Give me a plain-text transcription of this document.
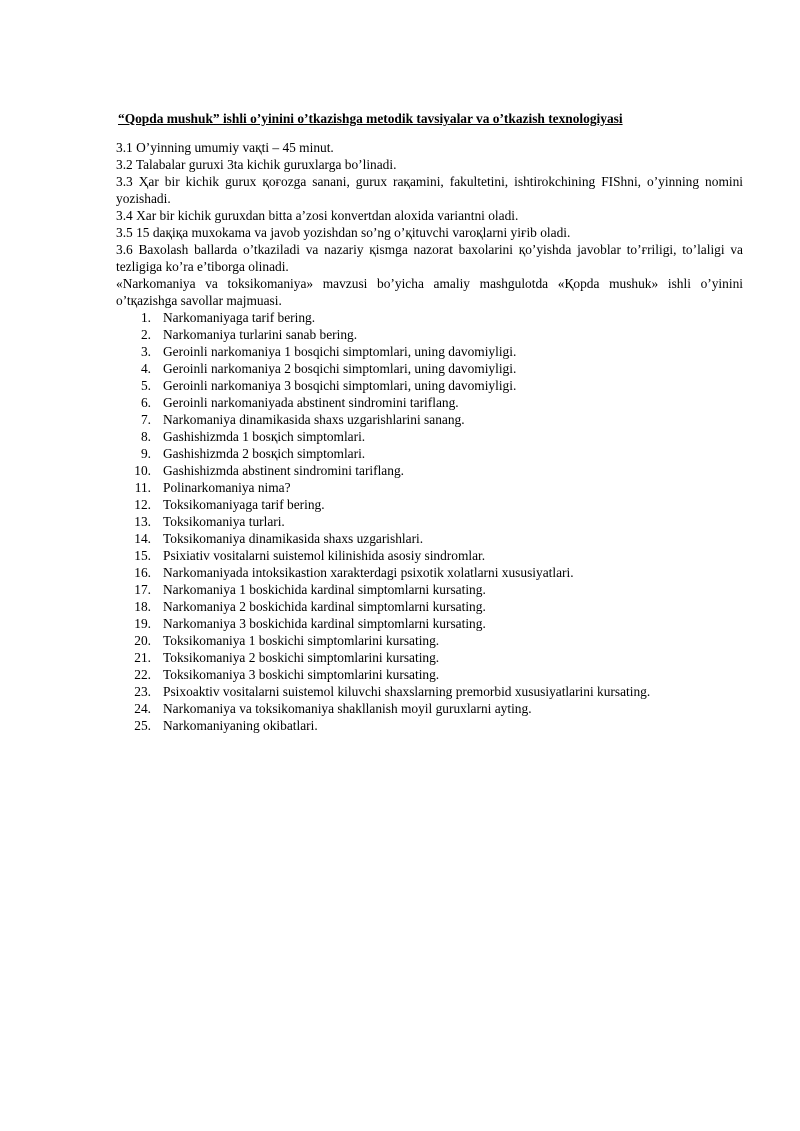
“Qopda mushuk” ishli o’yinini o’tkazishga metodik tavsiyalar va o’tkazish texnologiyasi

3.1 O’yinning umumiy vaқti – 45 minut.

3.2 Talabalar guruxi 3ta kichik guruxlarga bo’linadi.

3.3 Ҳar bir kichik gurux қoғozga sanani, gurux raқamini, fakultetini, ishtirokchining FIShni, o’yinning nomini yozishadi.

3.4 Xar bir kichik guruxdan bitta a’zosi konvertdan aloxida variantni oladi.

3.5 15 daқiқa muxokama va javob yozishdan so’ng o’қituvchi varoқlarni yiғib oladi.

3.6 Baxolash ballarda o’tkaziladi va nazariy қismga nazorat baxolarini қo’yishda javoblar to’ғriligi, to’laligi va tezligiga ko’ra e’tiborga olinadi.

«Narkomaniya va toksikomaniya» mavzusi bo’yicha amaliy mashgulotda «Қopda mushuk» ishli o’yinini o’tқazishga savollar majmuasi.

1. Narkomaniyaga tarif bering.
2. Narkomaniya turlarini sanab bering.
3. Geroinli narkomaniya 1 bosqichi simptomlari, uning davomiyligi.
4. Geroinli narkomaniya 2 bosqichi simptomlari, uning davomiyligi.
5. Geroinli narkomaniya 3 bosqichi simptomlari, uning davomiyligi.
6. Geroinli narkomaniyada abstinent sindromini tariflang.
7. Narkomaniya dinamikasida shaxs uzgarishlarini sanang.
8. Gashishizmda 1 bosқich simptomlari.
9. Gashishizmda 2 bosқich simptomlari.
10. Gashishizmda abstinent sindromini tariflang.
11. Polinarkomaniya nima?
12. Toksikomaniyaga tarif bering.
13. Toksikomaniya turlari.
14. Toksikomaniya dinamikasida shaxs uzgarishlari.
15. Psixiativ vositalarni suistemol kilinishida asosiy sindromlar.
16. Narkomaniyada intoksikastion xarakterdagi psixotik xolatlarni xususiyatlari.
17. Narkomaniya 1 boskichida kardinal simptomlarni kursating.
18. Narkomaniya 2 boskichida kardinal simptomlarni kursating.
19. Narkomaniya 3 boskichida kardinal simptomlarni kursating.
20. Toksikomaniya 1 boskichi simptomlarini kursating.
21. Toksikomaniya 2 boskichi simptomlarini kursating.
22. Toksikomaniya 3 boskichi simptomlarini kursating.
23. Psixoaktiv vositalarni suistemol kiluvchi shaxslarning premorbid xususiyatlarini kursating.
24. Narkomaniya va toksikomaniya shakllanish moyil guruxlarni ayting.
25. Narkomaniyaning okibatlari.
